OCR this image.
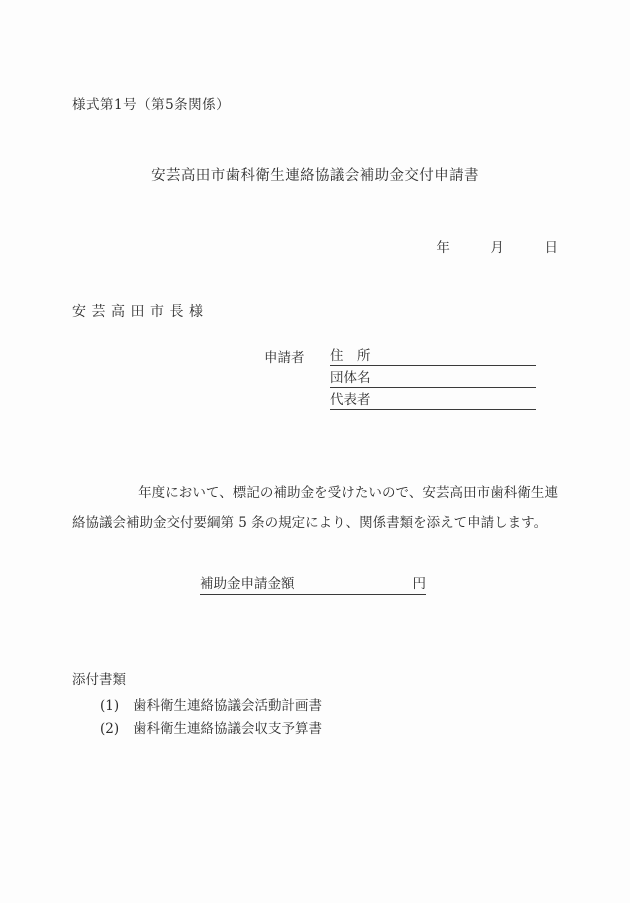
様式第1号（第5条関係）
安芸高田市歯科衛生連絡協議会補助金交付申請書
年	月	日
安芸高田市長様
申請者	住　所
団体名
代表者
年度において、標記の補助金を受けたいので、安芸高田市歯科衛生連絡協議会補助金交付要綱第 5 条の規定により、関係書類を添えて申請します。
補助金申請金額	円
添付書類
(1)	歯科衛生連絡協議会活動計画書
(2)	歯科衛生連絡協議会収支予算書
